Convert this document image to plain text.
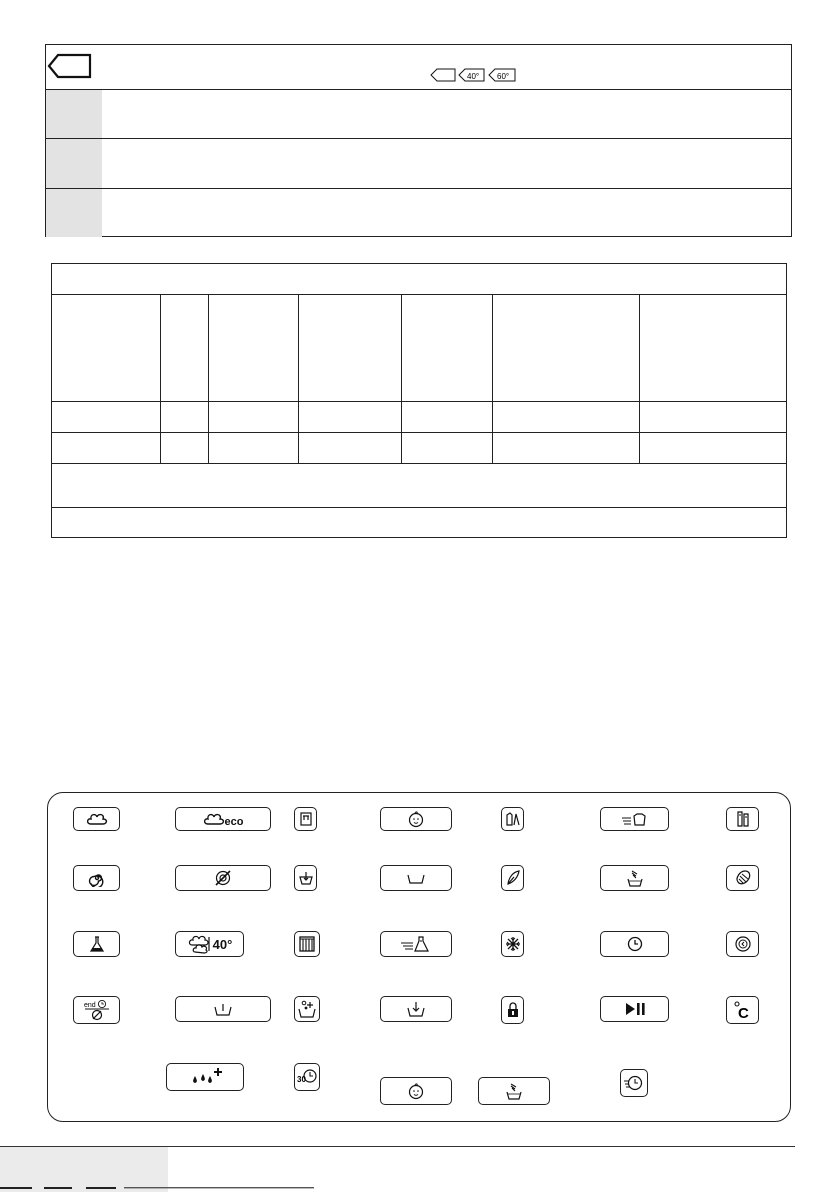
40° 60°
eco
40°
end	C
30
